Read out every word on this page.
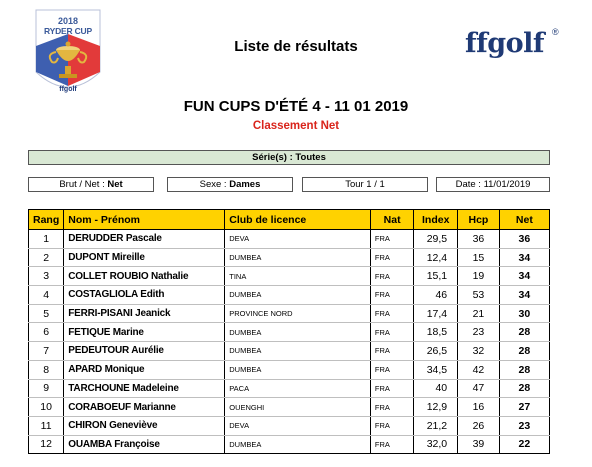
2018
RYDER CUP
ffgolf
Liste de résultats	ffgolf ®
FUN CUPS D'ÉTÉ 4 - 11 01 2019
Classement Net
Série(s) : Toutes
Brut / Net : Net	Sexe : Dames	Tour 1 / 1	Date : 11/01/2019
Rang	Nom - Prénom	Club de licence	Nat	Index	Hcp	Net
1	DERUDDER Pascale	DEVA	FRA	29,5	36	36
2	DUPONT Mireille	DUMBEA	FRA	12,4	15	34
3	COLLET ROUBIO Nathalie	TINA	FRA	15,1	19	34
4	COSTAGLIOLA Edith	DUMBEA	FRA	46	53	34
5	FERRI-PISANI Jeanick	PROVINCE NORD	FRA	17,4	21	30
6	FETIQUE Marine	DUMBEA	FRA	18,5	23	28
7	PEDEUTOUR Aurélie	DUMBEA	FRA	26,5	32	28
8	APARD Monique	DUMBEA	FRA	34,5	42	28
9	TARCHOUNE Madeleine	PACA	FRA	40	47	28
10	CORABOEUF Marianne	OUENGHI	FRA	12,9	16	27
11	CHIRON Geneviève	DEVA	FRA	21,2	26	23
12	OUAMBA Françoise	DUMBEA	FRA	32,0	39	22
